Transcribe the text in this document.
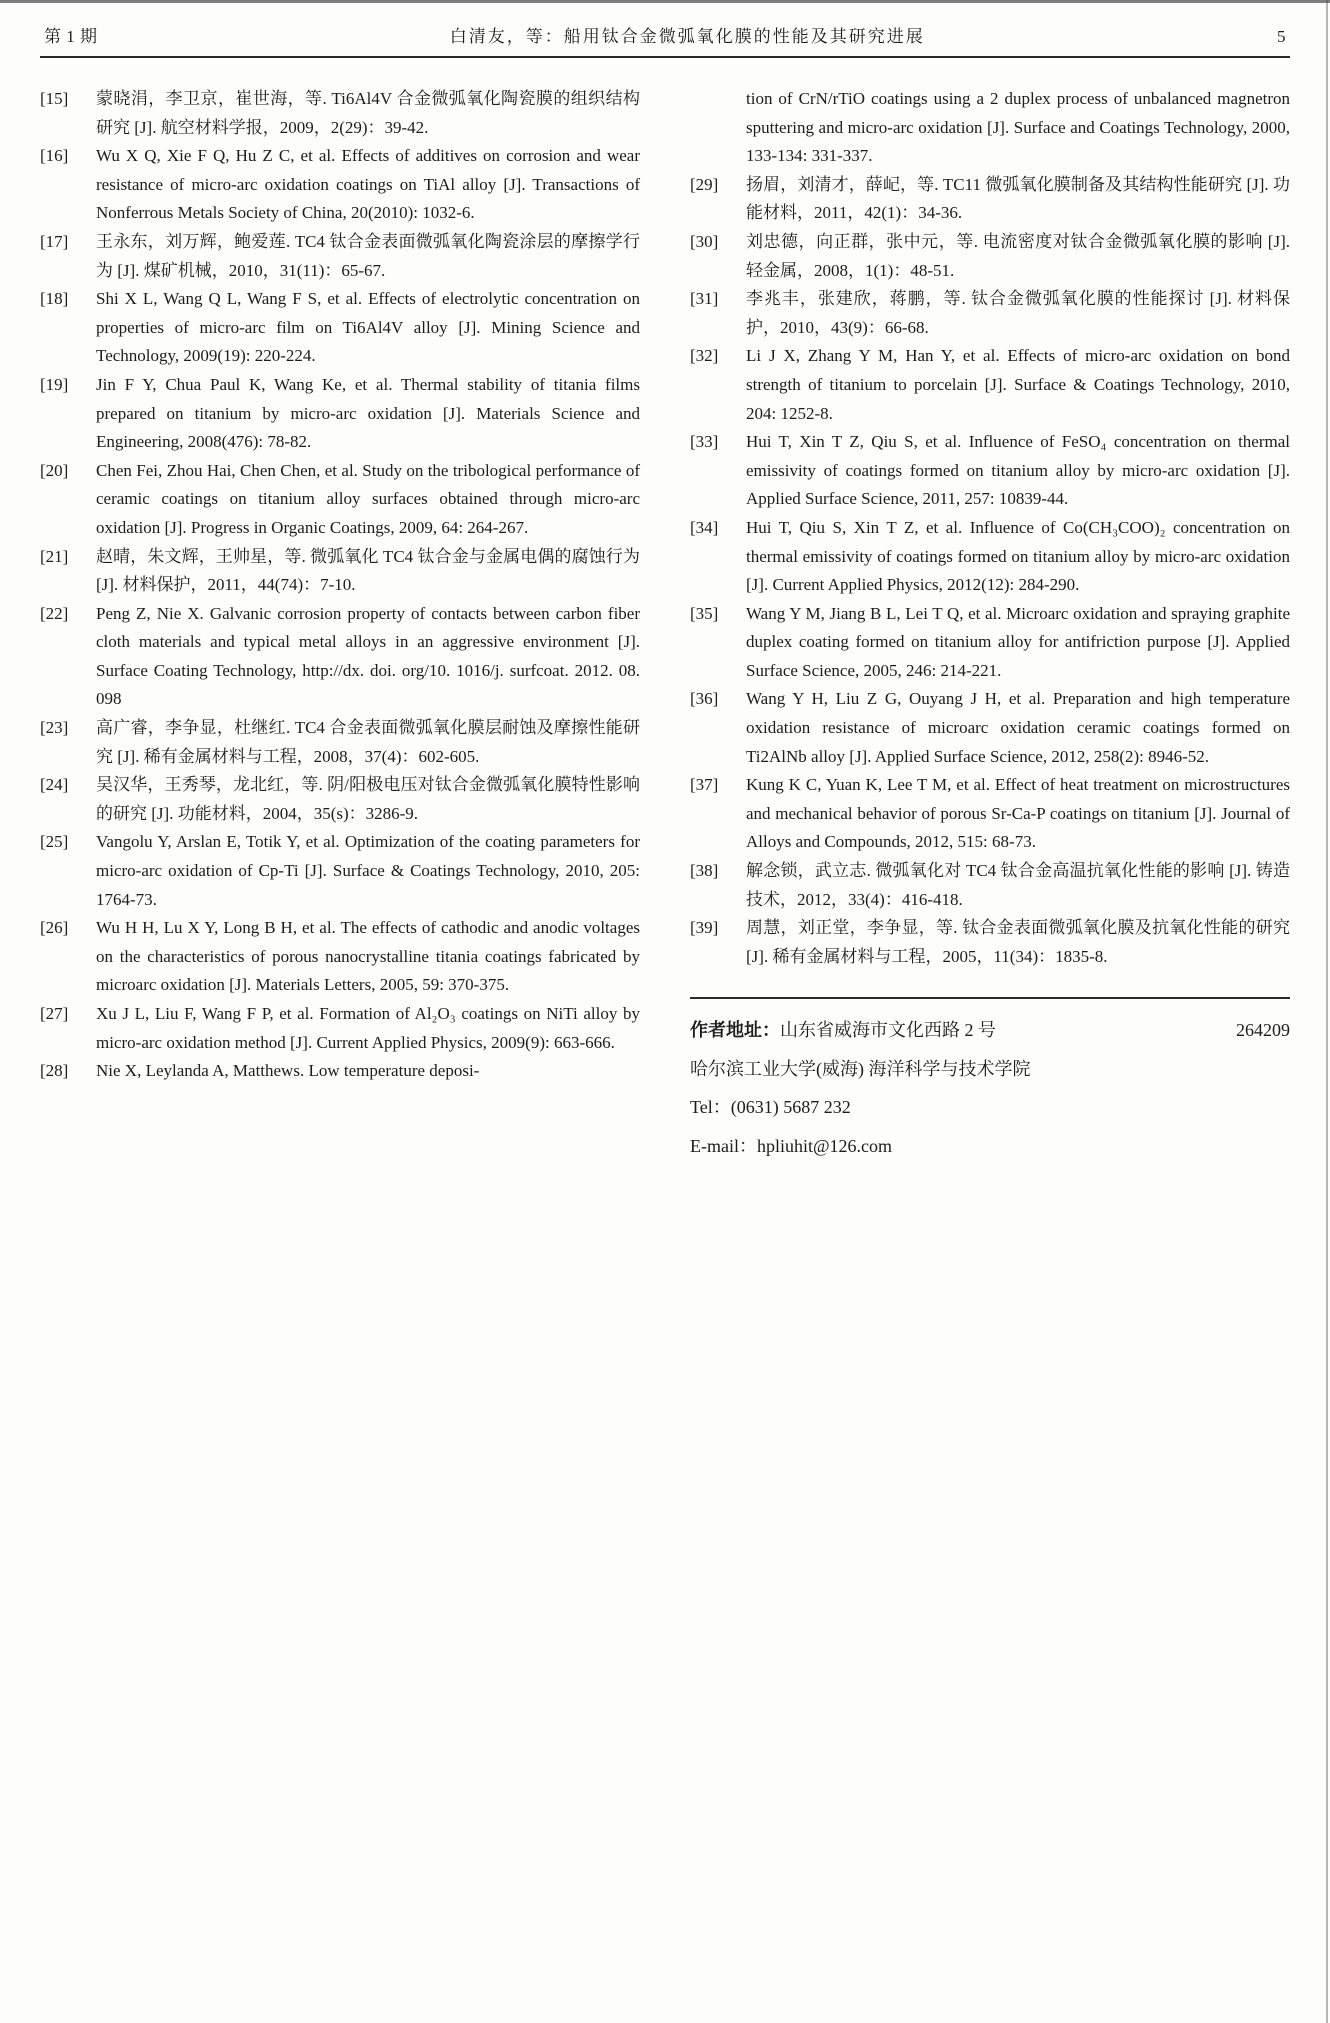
第 1 期	白清友，等：船用钛合金微弧氧化膜的性能及其研究进展	5
[15]	蒙晓涓，李卫京，崔世海，等. Ti6Al4V 合金微弧氧化陶瓷膜的组织结构研究 [J]. 航空材料学报，2009，2(29)：39-42.
[16]	Wu X Q, Xie F Q, Hu Z C, et al. Effects of additives on corrosion and wear resistance of micro-arc oxidation coatings on TiAl alloy [J]. Transactions of Nonferrous Metals Society of China, 20(2010): 1032-6.
[17]	王永东，刘万辉，鲍爱莲. TC4 钛合金表面微弧氧化陶瓷涂层的摩擦学行为 [J]. 煤矿机械，2010，31(11)：65-67.
[18]	Shi X L, Wang Q L, Wang F S, et al. Effects of electrolytic concentration on properties of micro-arc film on Ti6Al4V alloy [J]. Mining Science and Technology, 2009(19): 220-224.
[19]	Jin F Y, Chua Paul K, Wang Ke, et al. Thermal stability of titania films prepared on titanium by micro-arc oxidation [J]. Materials Science and Engineering, 2008(476): 78-82.
[20]	Chen Fei, Zhou Hai, Chen Chen, et al. Study on the tribological performance of ceramic coatings on titanium alloy surfaces obtained through micro-arc oxidation [J]. Progress in Organic Coatings, 2009, 64: 264-267.
[21]	赵晴，朱文辉，王帅星，等. 微弧氧化 TC4 钛合金与金属电偶的腐蚀行为 [J]. 材料保护，2011，44(74)：7-10.
[22]	Peng Z, Nie X. Galvanic corrosion property of contacts between carbon fiber cloth materials and typical metal alloys in an aggressive environment [J]. Surface Coating Technology, http://dx. doi. org/10. 1016/j. surfcoat. 2012. 08. 098
[23]	高广睿，李争显，杜继红. TC4 合金表面微弧氧化膜层耐蚀及摩擦性能研究 [J]. 稀有金属材料与工程，2008，37(4)：602-605.
[24]	吴汉华，王秀琴，龙北红，等. 阴/阳极电压对钛合金微弧氧化膜特性影响的研究 [J]. 功能材料，2004，35(s)：3286-9.
[25]	Vangolu Y, Arslan E, Totik Y, et al. Optimization of the coating parameters for micro-arc oxidation of Cp-Ti [J]. Surface & Coatings Technology, 2010, 205: 1764-73.
[26]	Wu H H, Lu X Y, Long B H, et al. The effects of cathodic and anodic voltages on the characteristics of porous nanocrystalline titania coatings fabricated by microarc oxidation [J]. Materials Letters, 2005, 59: 370-375.
[27]	Xu J L, Liu F, Wang F P, et al. Formation of Al₂O₃ coatings on NiTi alloy by micro-arc oxidation method [J]. Current Applied Physics, 2009(9): 663-666.
[28]	Nie X, Leylanda A, Matthews. Low temperature deposi-
tion of CrN/rTiO coatings using a 2 duplex process of unbalanced magnetron sputtering and micro-arc oxidation [J]. Surface and Coatings Technology, 2000, 133-134: 331-337.
[29]	扬眉，刘清才，薛屺，等. TC11 微弧氧化膜制备及其结构性能研究 [J]. 功能材料，2011，42(1)：34-36.
[30]	刘忠德，向正群，张中元，等. 电流密度对钛合金微弧氧化膜的影响 [J]. 轻金属，2008，1(1)：48-51.
[31]	李兆丰，张建欣，蒋鹏，等. 钛合金微弧氧化膜的性能探讨 [J]. 材料保护，2010，43(9)：66-68.
[32]	Li J X, Zhang Y M, Han Y, et al. Effects of micro-arc oxidation on bond strength of titanium to porcelain [J]. Surface & Coatings Technology, 2010, 204: 1252-8.
[33]	Hui T, Xin T Z, Qiu S, et al. Influence of FeSO₄ concentration on thermal emissivity of coatings formed on titanium alloy by micro-arc oxidation [J]. Applied Surface Science, 2011, 257: 10839-44.
[34]	Hui T, Qiu S, Xin T Z, et al. Influence of Co(CH₃COO)₂ concentration on thermal emissivity of coatings formed on titanium alloy by micro-arc oxidation [J]. Current Applied Physics, 2012(12): 284-290.
[35]	Wang Y M, Jiang B L, Lei T Q, et al. Microarc oxidation and spraying graphite duplex coating formed on titanium alloy for antifriction purpose [J]. Applied Surface Science, 2005, 246: 214-221.
[36]	Wang Y H, Liu Z G, Ouyang J H, et al. Preparation and high temperature oxidation resistance of microarc oxidation ceramic coatings formed on Ti2AlNb alloy [J]. Applied Surface Science, 2012, 258(2): 8946-52.
[37]	Kung K C, Yuan K, Lee T M, et al. Effect of heat treatment on microstructures and mechanical behavior of porous Sr-Ca-P coatings on titanium [J]. Journal of Alloys and Compounds, 2012, 515: 68-73.
[38]	解念锁，武立志. 微弧氧化对 TC4 钛合金高温抗氧化性能的影响 [J]. 铸造技术，2012，33(4)：416-418.
[39]	周慧，刘正堂，李争显，等. 钛合金表面微弧氧化膜及抗氧化性能的研究 [J]. 稀有金属材料与工程，2005，11(34)：1835-8.
作者地址：山东省威海市文化西路 2 号	264209
哈尔滨工业大学(威海) 海洋科学与技术学院
Tel：(0631) 5687 232
E-mail：hpliuhit@126.com
